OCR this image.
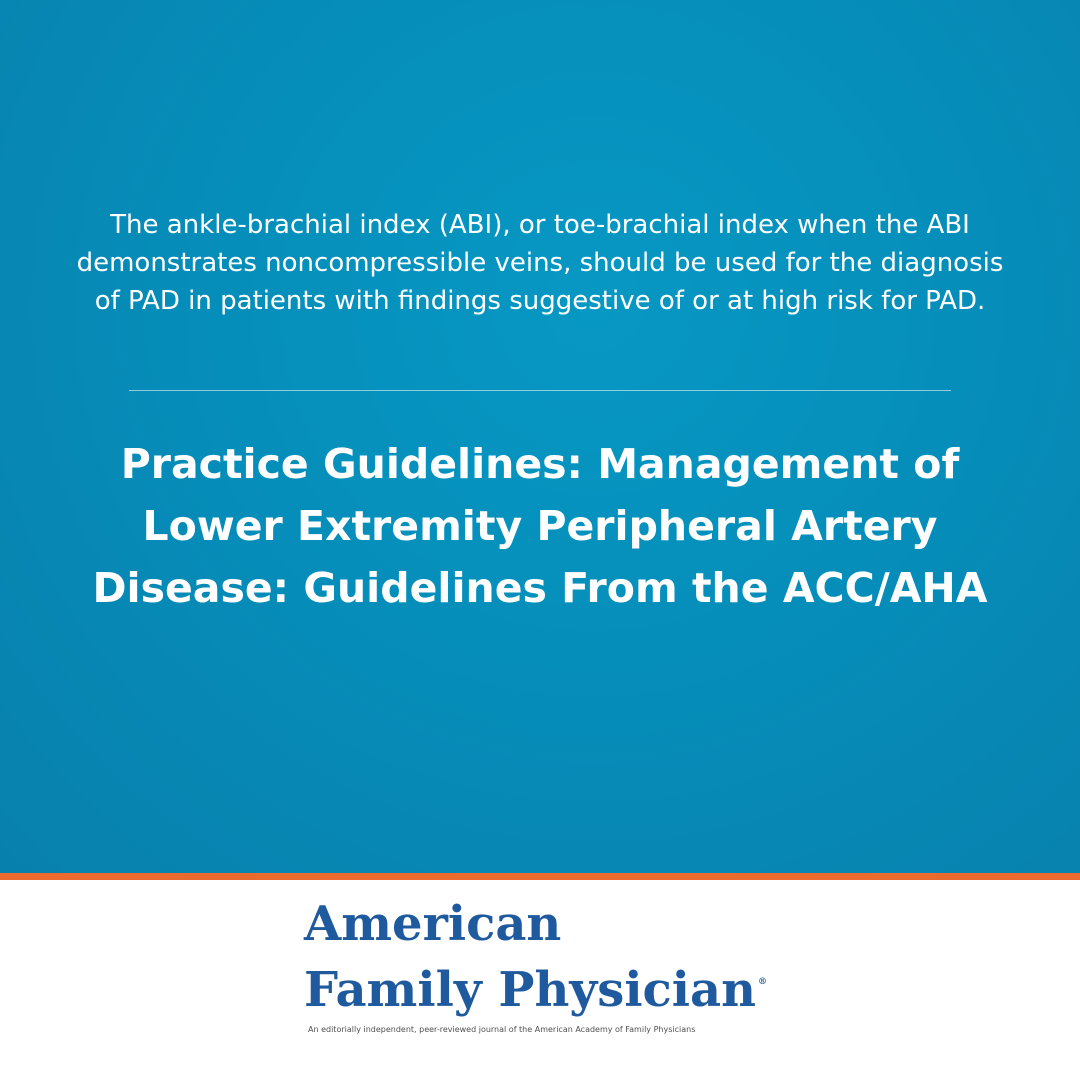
The ankle-brachial index (ABI), or toe-brachial index when the ABI demonstrates noncompressible veins, should be used for the diagnosis of PAD in patients with findings suggestive of or at high risk for PAD.

Practice Guidelines: Management of Lower Extremity Peripheral Artery Disease: Guidelines From the ACC/AHA
American
Family Physician ®
An editorially independent, peer-reviewed journal of the American Academy of Family Physicians
